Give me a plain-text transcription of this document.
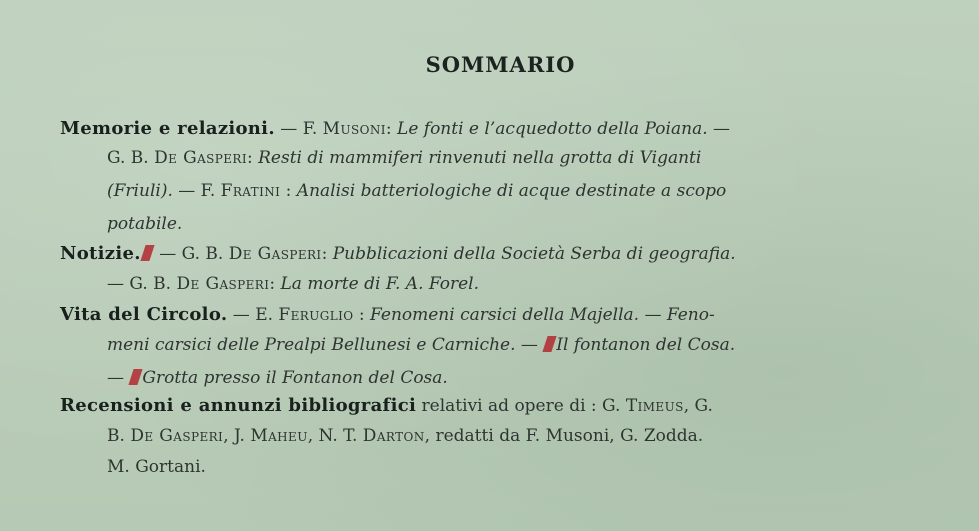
SOMMARIO
Memorie e relazioni. — F. Musoni: Le fonti e l’acquedotto della Poiana. —
G. B. De Gasperi: Resti di mammiferi rinvenuti nella grotta di Viganti
(Friuli). — F. Fratini : Analisi batteriologiche di acque destinate a scopo
potabile.
Notizie. — G. B. De Gasperi: Pubblicazioni della Società Serba di geografia.
— G. B. De Gasperi: La morte di F. A. Forel.
Vita del Circolo. — E. Feruglio : Fenomeni carsici della Majella. — Feno-
meni carsici delle Prealpi Bellunesi e Carniche. — Il fontanon del Cosa.
— Grotta presso il Fontanon del Cosa.
Recensioni e annunzi bibliografici relativi ad opere di : G. Timeus, G.
B. De Gasperi, J. Maheu, N. T. Darton, redatti da F. Musoni, G. Zodda.
M. Gortani.
